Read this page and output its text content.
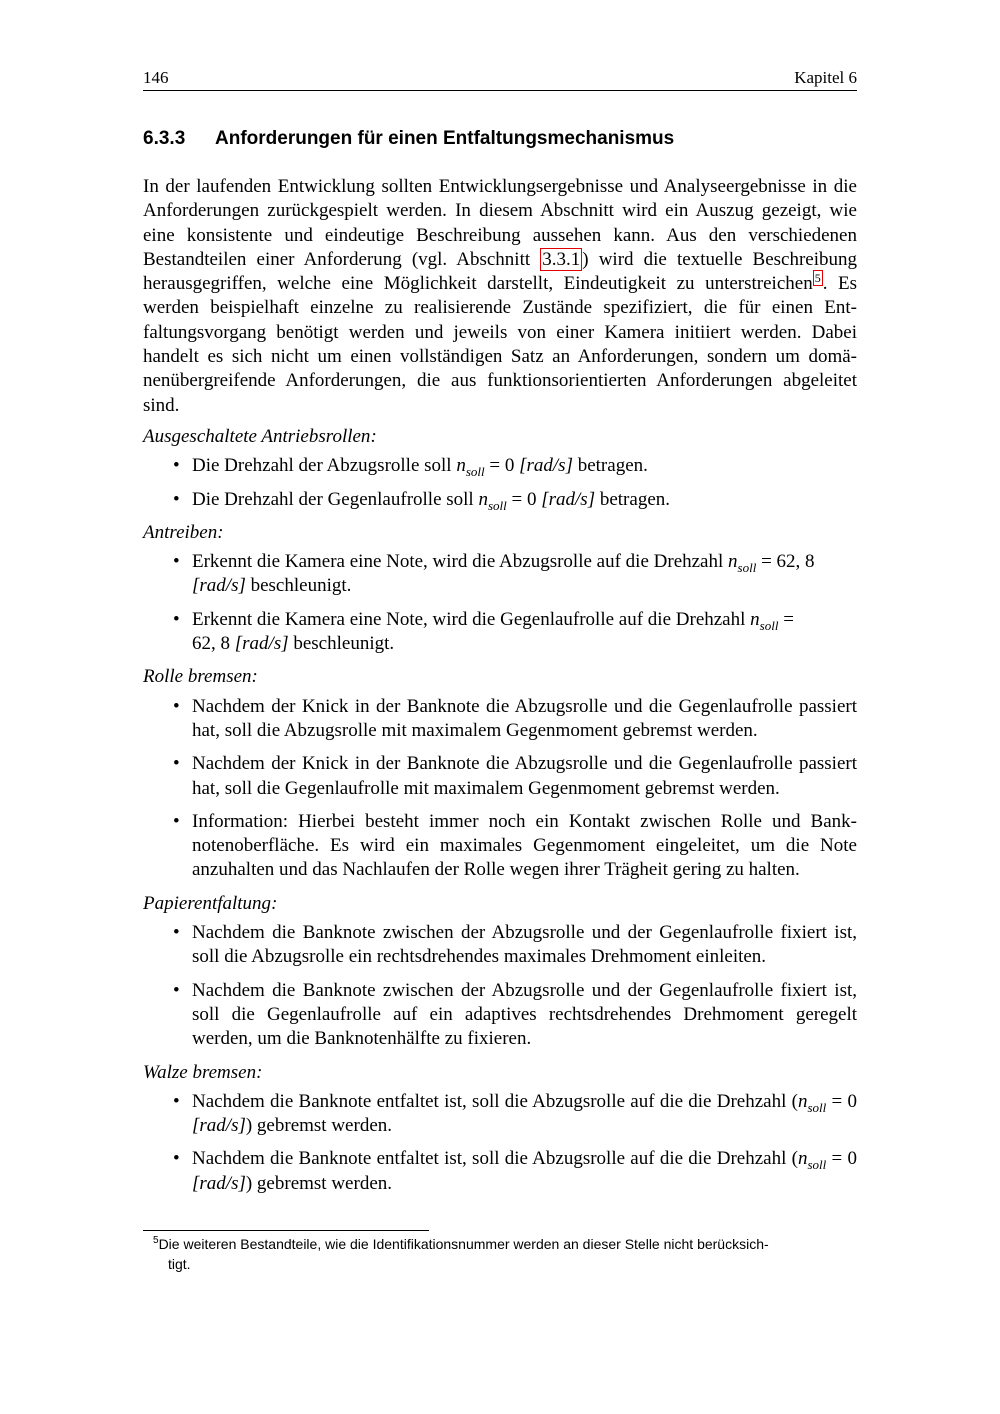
146	Kapitel 6
6.3.3 Anforderungen für einen Entfaltungsmechanismus

In der laufenden Entwicklung sollten Entwicklungsergebnisse und Analyseergebnisse in die Anforderungen zurückgespielt werden. In diesem Abschnitt wird ein Auszug gezeigt, wie eine konsistente und eindeutige Beschreibung aussehen kann. Aus den verschiedenen Bestandteilen einer Anforderung (vgl. Abschnitt 3.3.1 ) wird die textuelle Beschreibung herausgegriffen, welche eine Möglichkeit darstellt, Eindeutigkeit zu unterstreichen $^5$ . Es werden beispielhaft einzelne zu realisierende Zustände spezifiziert, die für einen Entfaltungsvorgang benötigt werden und jeweils von einer Kamera initiiert werden. Dabei handelt es sich nicht um einen vollständigen Satz an Anforderungen, sondern um domänenübergreifende Anforderungen, die aus funktionsorientierten Anforderungen abgeleitet sind.

Ausgeschaltete Antriebsrollen:
• Die Drehzahl der Abzugsrolle soll $n_{soll} = 0$ [rad/s] betragen.
• Die Drehzahl der Gegenlaufrolle soll $n_{soll} = 0$ [rad/s] betragen.
Antreiben:
• Erkennt die Kamera eine Note, wird die Abzugsrolle auf die Drehzahl $n_{soll} = 62$, 8
[rad/s] beschleunigt.
• Erkennt die Kamera eine Note, wird die Gegenlaufrolle auf die Drehzahl $n_{soll}$ =
62, 8 [rad/s] beschleunigt.
Rolle bremsen:
• Nachdem der Knick in der Banknote die Abzugsrolle und die Gegenlaufrolle passiert hat, soll die Abzugsrolle mit maximalem Gegenmoment gebremst werden.
• Nachdem der Knick in der Banknote die Abzugsrolle und die Gegenlaufrolle passiert hat, soll die Gegenlaufrolle mit maximalem Gegenmoment gebremst werden.
• Information: Hierbei besteht immer noch ein Kontakt zwischen Rolle und Banknotenoberfläche. Es wird ein maximales Gegenmoment eingeleitet, um die Note anzuhalten und das Nachlaufen der Rolle wegen ihrer Trägheit gering zu halten.
Papierentfaltung:
• Nachdem die Banknote zwischen der Abzugsrolle und der Gegenlaufrolle fixiert ist, soll die Abzugsrolle ein rechtsdrehendes maximales Drehmoment einleiten.
• Nachdem die Banknote zwischen der Abzugsrolle und der Gegenlaufrolle fixiert ist, soll die Gegenlaufrolle auf ein adaptives rechtsdrehendes Drehmoment geregelt werden, um die Banknotenhälfte zu fixieren.
Walze bremsen:
• Nachdem die Banknote entfaltet ist, soll die Abzugsrolle auf die die Drehzahl ($n_{soll} = 0$ [rad/s]) gebremst werden.
• Nachdem die Banknote entfaltet ist, soll die Abzugsrolle auf die die Drehzahl ($n_{soll} = 0$ [rad/s]) gebremst werden.
$^5$Die weiteren Bestandteile, wie die Identifikationsnummer werden an dieser Stelle nicht berücksich-
tigt.
